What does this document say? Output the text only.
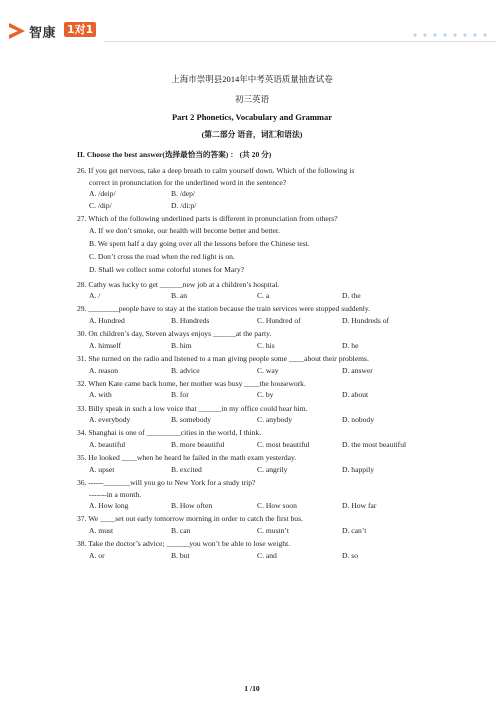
智康 1对1
上海市崇明县2014年中考英语质量抽查试卷
初三英语
Part 2 Phonetics, Vocabulary and Grammar
(第二部分 语音，词汇和语法)
II. Choose the best answer(选择最恰当的答案) ： (共 20 分)
26. If you get nervous, take a deep breath to calm yourself down. Which of the following is
correct in pronunciation for the underlined word in the sentence?
A. /deip/	B. /dep/
C. /dip/	D. /di:p/
27. Which of the following underlined parts is different in pronunciation from others?
A. If we don’t smoke, our health will become better and better.
B. We spent half a day going over all the lessons before the Chinese test.
C. Don’t cross the road when the red light is on.
D. Shall we collect some colorful stones for Mary?
28. Cathy was lucky to get ______new job at a children’s hospital.
A. /	B. an	C. a	D. the
29. ________people have to stay at the station because the train services were stopped suddenly.
A. Hundred	B. Hundreds	C. Hundred of	D. Hundreds of
30. On children’s day, Steven always enjoys ______at the party.
A. himself	B. him	C. his	D. he
31. She turned on the radio and listened to a man giving people some ____about their problems.
A. reason	B. advice	C. way	D. answer
32. When Kate came back home, her mother was busy ____the housework.
A. with	B. for	C. by	D. about
33. Billy speak in such a low voice that ______in my office could hear him.
A. everybody	B. somebody	C. anybody	D. nobody
34. Shanghai is one of _________cities in the world, I think.
A. beautiful	B. more beautiful	C. most beautiful	D. the most beautiful
35. He looked ____when he heard he failed in the math exam yesterday.
A. upset	B. excited	C. angrily	D. happily
36. ------_______will you go to New York for a study trip?
-------in a month.
A. How long	B. How often	C. How soon	D. How far
37. We ____set out early tomorrow morning in order to catch the first bus.
A. must	B. can	C. mustn’t	D. can’t
38. Take the doctor’s advice; ______you won’t be able to lose weight.
A. or	B. but	C. and	D. so
1 /10
